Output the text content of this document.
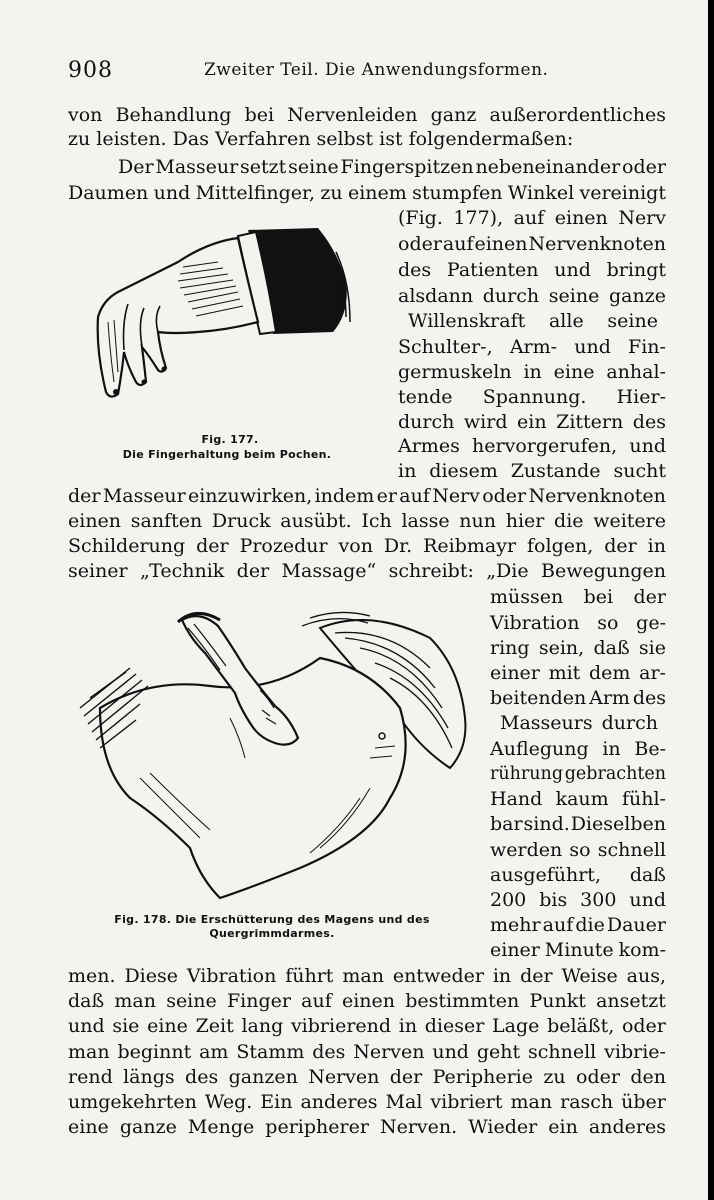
908	Zweiter Teil. Die Anwendungsformen.
von Behandlung bei Nervenleiden ganz außerordentliches
zu leisten. Das Verfahren selbst ist folgendermaßen:
Der Masseur setzt seine Fingerspitzen nebeneinander oder
Daumen und Mittelfinger, zu einem stumpfen Winkel vereinigt
(Fig. 177), auf einen Nerv
oder auf einen Nervenknoten
des Patienten und bringt
alsdann durch seine ganze
Willenskraft alle seine
Schulter-, Arm- und Fin-
germuskeln in eine anhal-
tende Spannung. Hier-
durch wird ein Zittern des
Armes hervorgerufen, und
in diesem Zustande sucht
der Masseur einzuwirken, indem er auf Nerv oder Nervenknoten
einen sanften Druck ausübt. Ich lasse nun hier die weitere
Schilderung der Prozedur von Dr. Reibmayr folgen, der in
seiner „Technik der Massage“ schreibt: „Die Bewegungen
müssen bei der
Vibration so ge-
ring sein, daß sie
einer mit dem ar-
beitenden Arm des
Masseurs durch
Auflegung in Be-
rührung gebrachten
Hand kaum fühl-
bar sind. Dieselben
werden so schnell
ausgeführt, daß
200 bis 300 und
mehr auf die Dauer
einer Minute kom-
men. Diese Vibration führt man entweder in der Weise aus,
daß man seine Finger auf einen bestimmten Punkt ansetzt
und sie eine Zeit lang vibrierend in dieser Lage beläßt, oder
man beginnt am Stamm des Nerven und geht schnell vibrie-
rend längs des ganzen Nerven der Peripherie zu oder den
umgekehrten Weg. Ein anderes Mal vibriert man rasch über
eine ganze Menge peripherer Nerven. Wieder ein anderes
Fig. 177.
Die Fingerhaltung beim Pochen.
Fig. 178. Die Erschütterung des Magens und des
Quergrimmdarmes.
